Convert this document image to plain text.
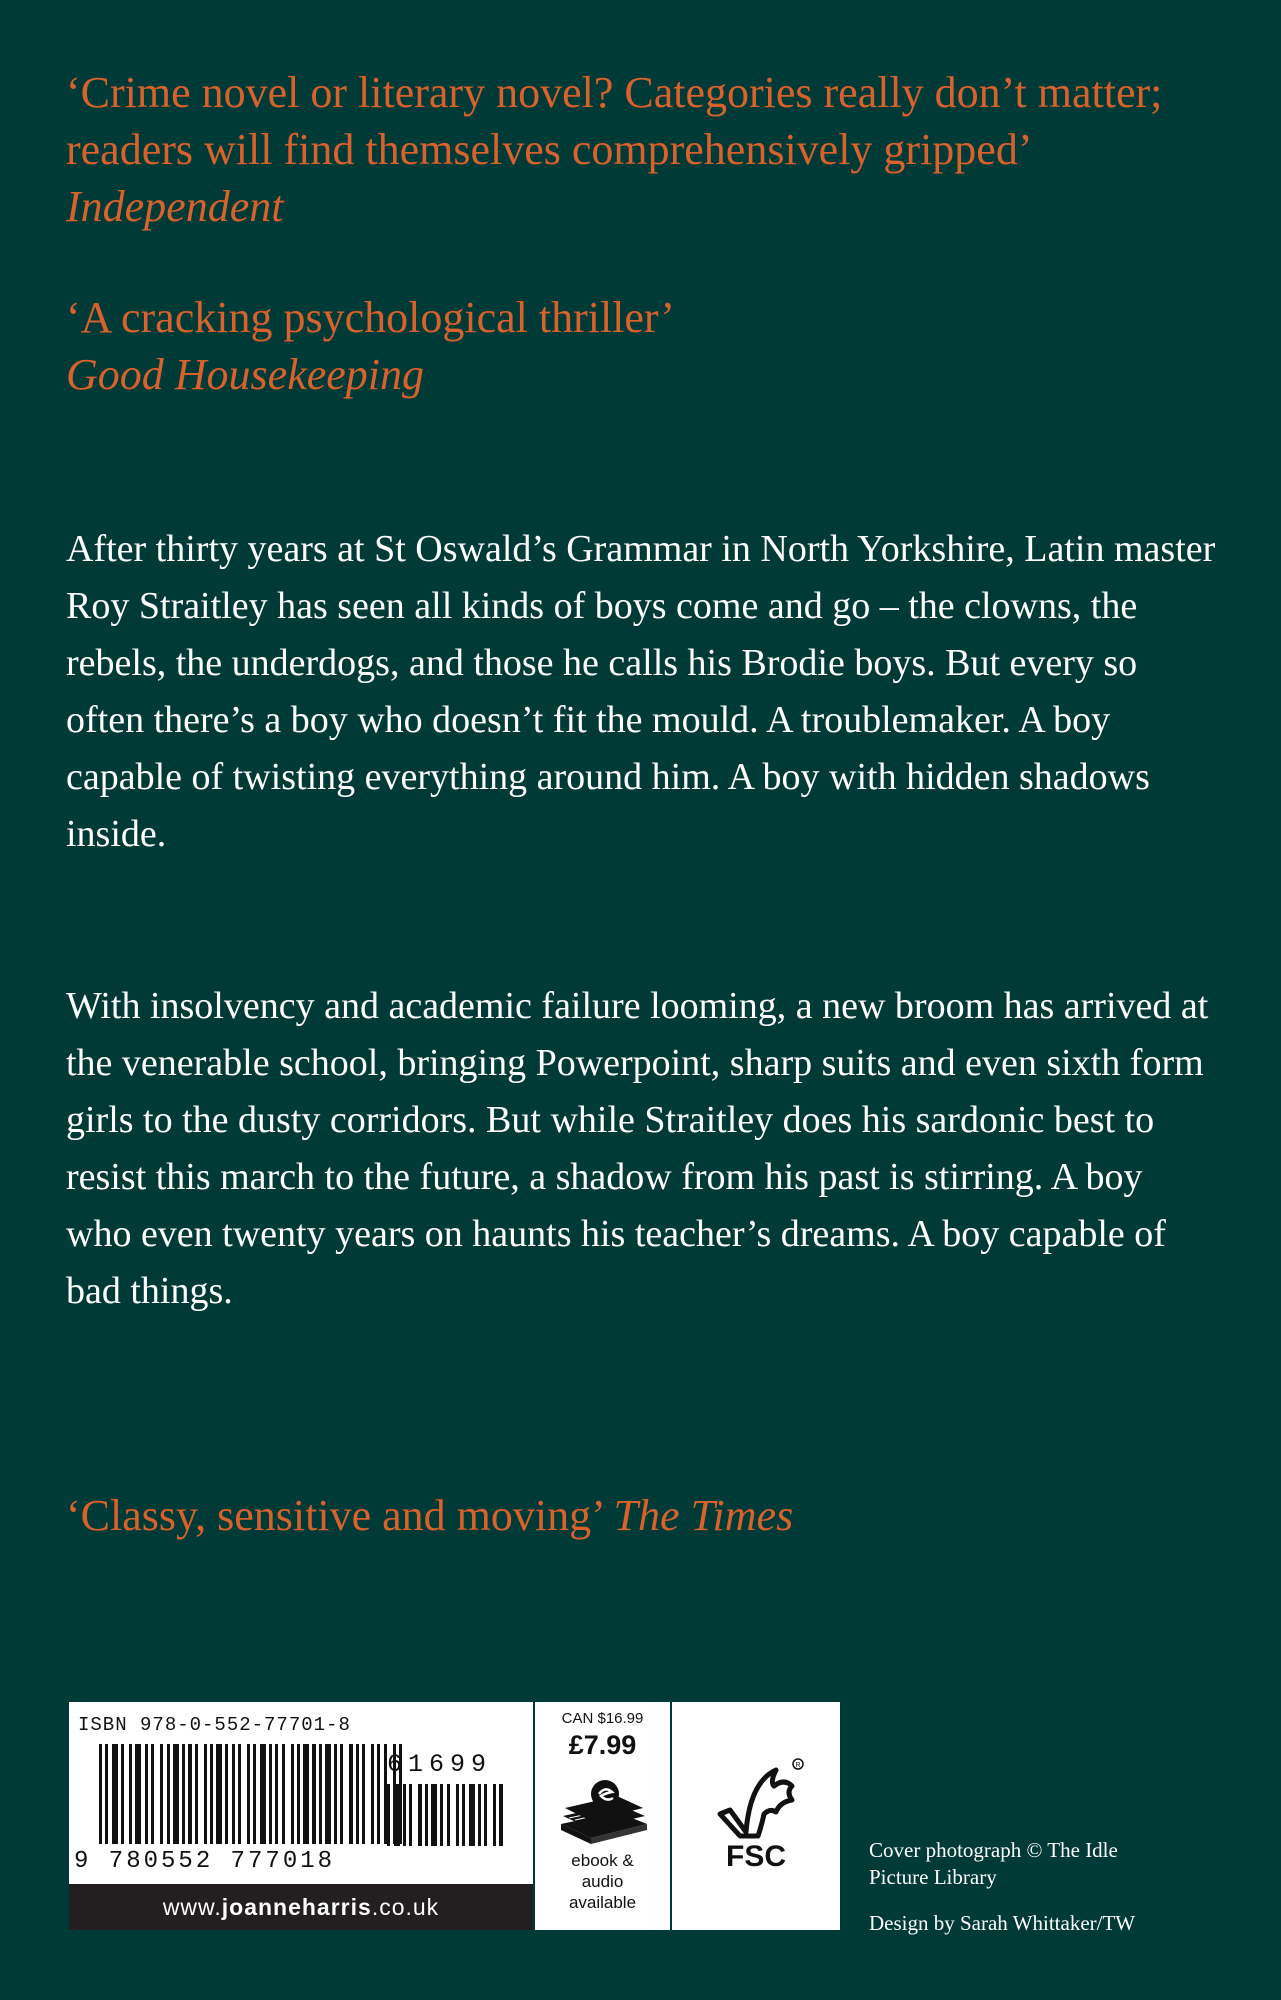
‘Crime novel or literary novel? Categories really don’t matter; readers will find themselves comprehensively gripped’ Independent

‘A cracking psychological thriller’
Good Housekeeping

After thirty years at St Oswald’s Grammar in North Yorkshire, Latin master Roy Straitley has seen all kinds of boys come and go – the clowns, the rebels, the underdogs, and those he calls his Brodie boys. But every so often there’s a boy who doesn’t fit the mould. A troublemaker. A boy capable of twisting everything around him. A boy with hidden shadows inside.

With insolvency and academic failure looming, a new broom has arrived at the venerable school, bringing Powerpoint, sharp suits and even sixth form girls to the dusty corridors. But while Straitley does his sardonic best to resist this march to the future, a shadow from his past is stirring. A boy who even twenty years on haunts his teacher’s dreams. A boy capable of bad things.

‘Classy, sensitive and moving’ The Times

ISBN 978-0-552-77701-8
61699
9 780552 777018
www.joanneharris.co.uk
CAN $16.99
£7.99
ebook &
audio
available
R
FSC	Cover photograph © The Idle
Picture Library

Design by Sarah Whittaker/TW
